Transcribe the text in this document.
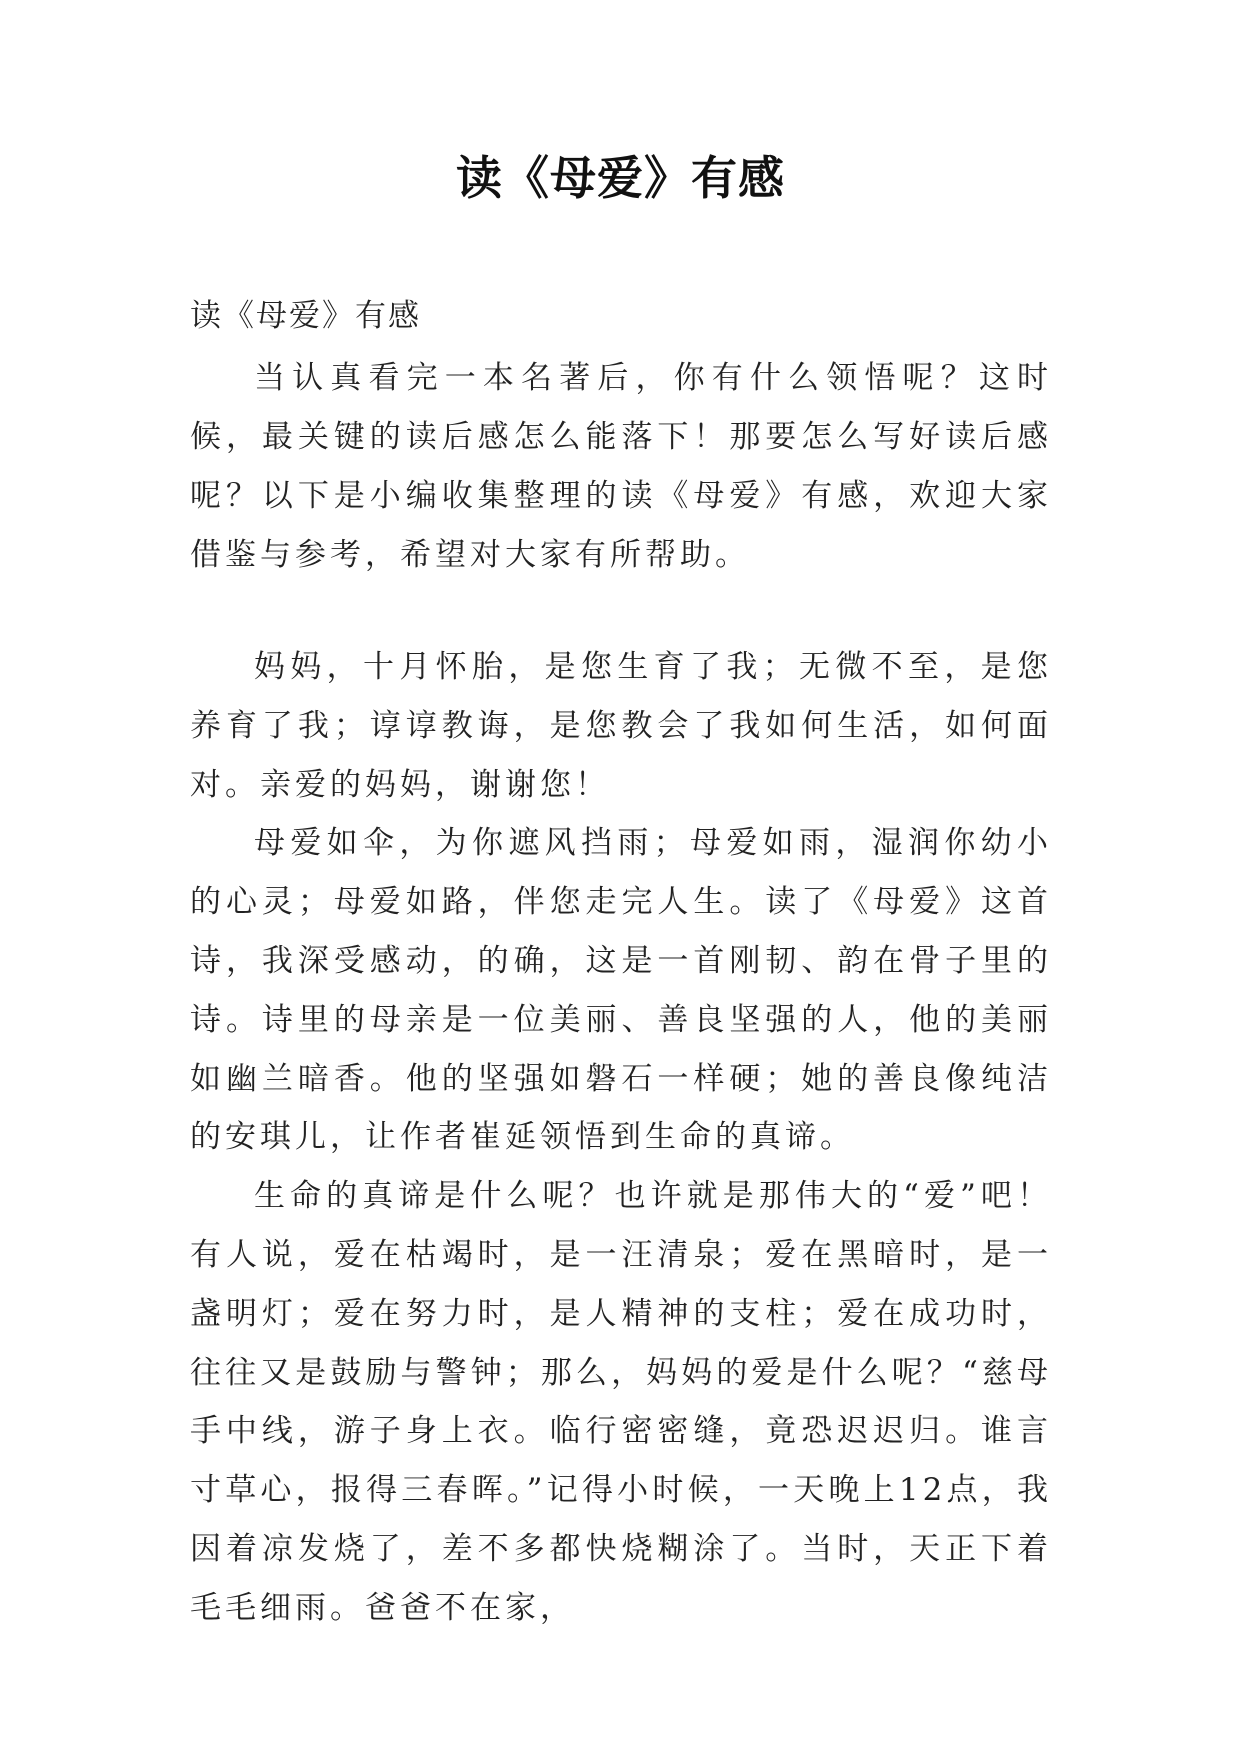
读《母爱》有感
读《母爱》有感
当认真看完一本名著后，你有什么领悟呢？这时候，最关键的读后感怎么能落下！那要怎么写好读后感呢？以下是小编收集整理的读《母爱》有感，欢迎大家借鉴与参考，希望对大家有所帮助。

妈妈，十月怀胎，是您生育了我；无微不至，是您养育了我；谆谆教诲，是您教会了我如何生活，如何面对。亲爱的妈妈，谢谢您！

母爱如伞，为你遮风挡雨；母爱如雨，湿润你幼小的心灵；母爱如路，伴您走完人生。读了《母爱》这首诗，我深受感动，的确，这是一首刚韧、韵在骨子里的诗。诗里的母亲是一位美丽、善良坚强的人，他的美丽如幽兰暗香。他的坚强如磐石一样硬；她的善良像纯洁的安琪儿，让作者崔延领悟到生命的真谛。

生命的真谛是什么呢？也许就是那伟大的“爱”吧！有人说，爱在枯竭时，是一汪清泉；爱在黑暗时，是一盏明灯；爱在努力时，是人精神的支柱；爱在成功时，往往又是鼓励与警钟；那么，妈妈的爱是什么呢？“慈母手中线，游子身上衣。临行密密缝，竟恐迟迟归。谁言寸草心，报得三春晖。”记得小时候，一天晚上12点，我因着凉发烧了，差不多都快烧糊涂了。当时，天正下着毛毛细雨。爸爸不在家，
